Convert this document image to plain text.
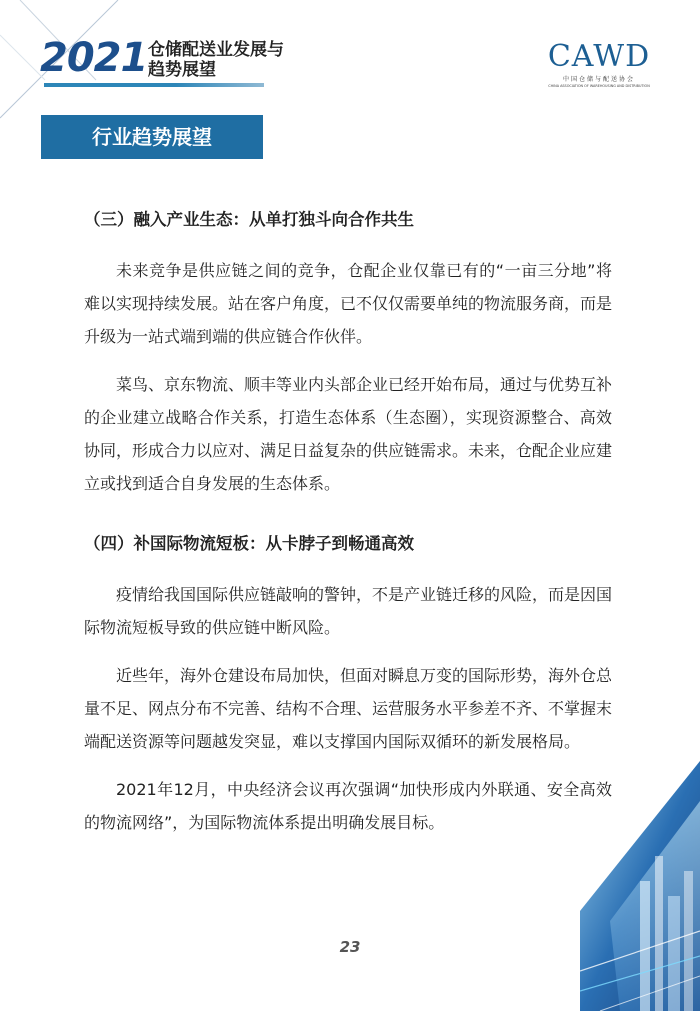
2021 仓储配送业发展与
趋势展望	CAWD
中国仓储与配送协会
CHINA ASSOCIATION OF WAREHOUSING AND DISTRIBUTION
行业趋势展望
（三）融入产业生态：从单打独斗向合作共生

未来竞争是供应链之间的竞争，仓配企业仅靠已有的“一亩三分地”将难以实现持续发展。站在客户角度，已不仅仅需要单纯的物流服务商，而是升级为一站式端到端的供应链合作伙伴。

菜鸟、京东物流、顺丰等业内头部企业已经开始布局，通过与优势互补的企业建立战略合作关系，打造生态体系（生态圈），实现资源整合、高效协同，形成合力以应对、满足日益复杂的供应链需求。未来，仓配企业应建立或找到适合自身发展的生态体系。

（四）补国际物流短板：从卡脖子到畅通高效

疫情给我国国际供应链敲响的警钟，不是产业链迁移的风险，而是因国际物流短板导致的供应链中断风险。

近些年，海外仓建设布局加快，但面对瞬息万变的国际形势，海外仓总量不足、网点分布不完善、结构不合理、运营服务水平参差不齐、不掌握末端配送资源等问题越发突显，难以支撑国内国际双循环的新发展格局。

2021年12月，中央经济会议再次强调“加快形成内外联通、安全高效的物流网络”，为国际物流体系提出明确发展目标。

23
